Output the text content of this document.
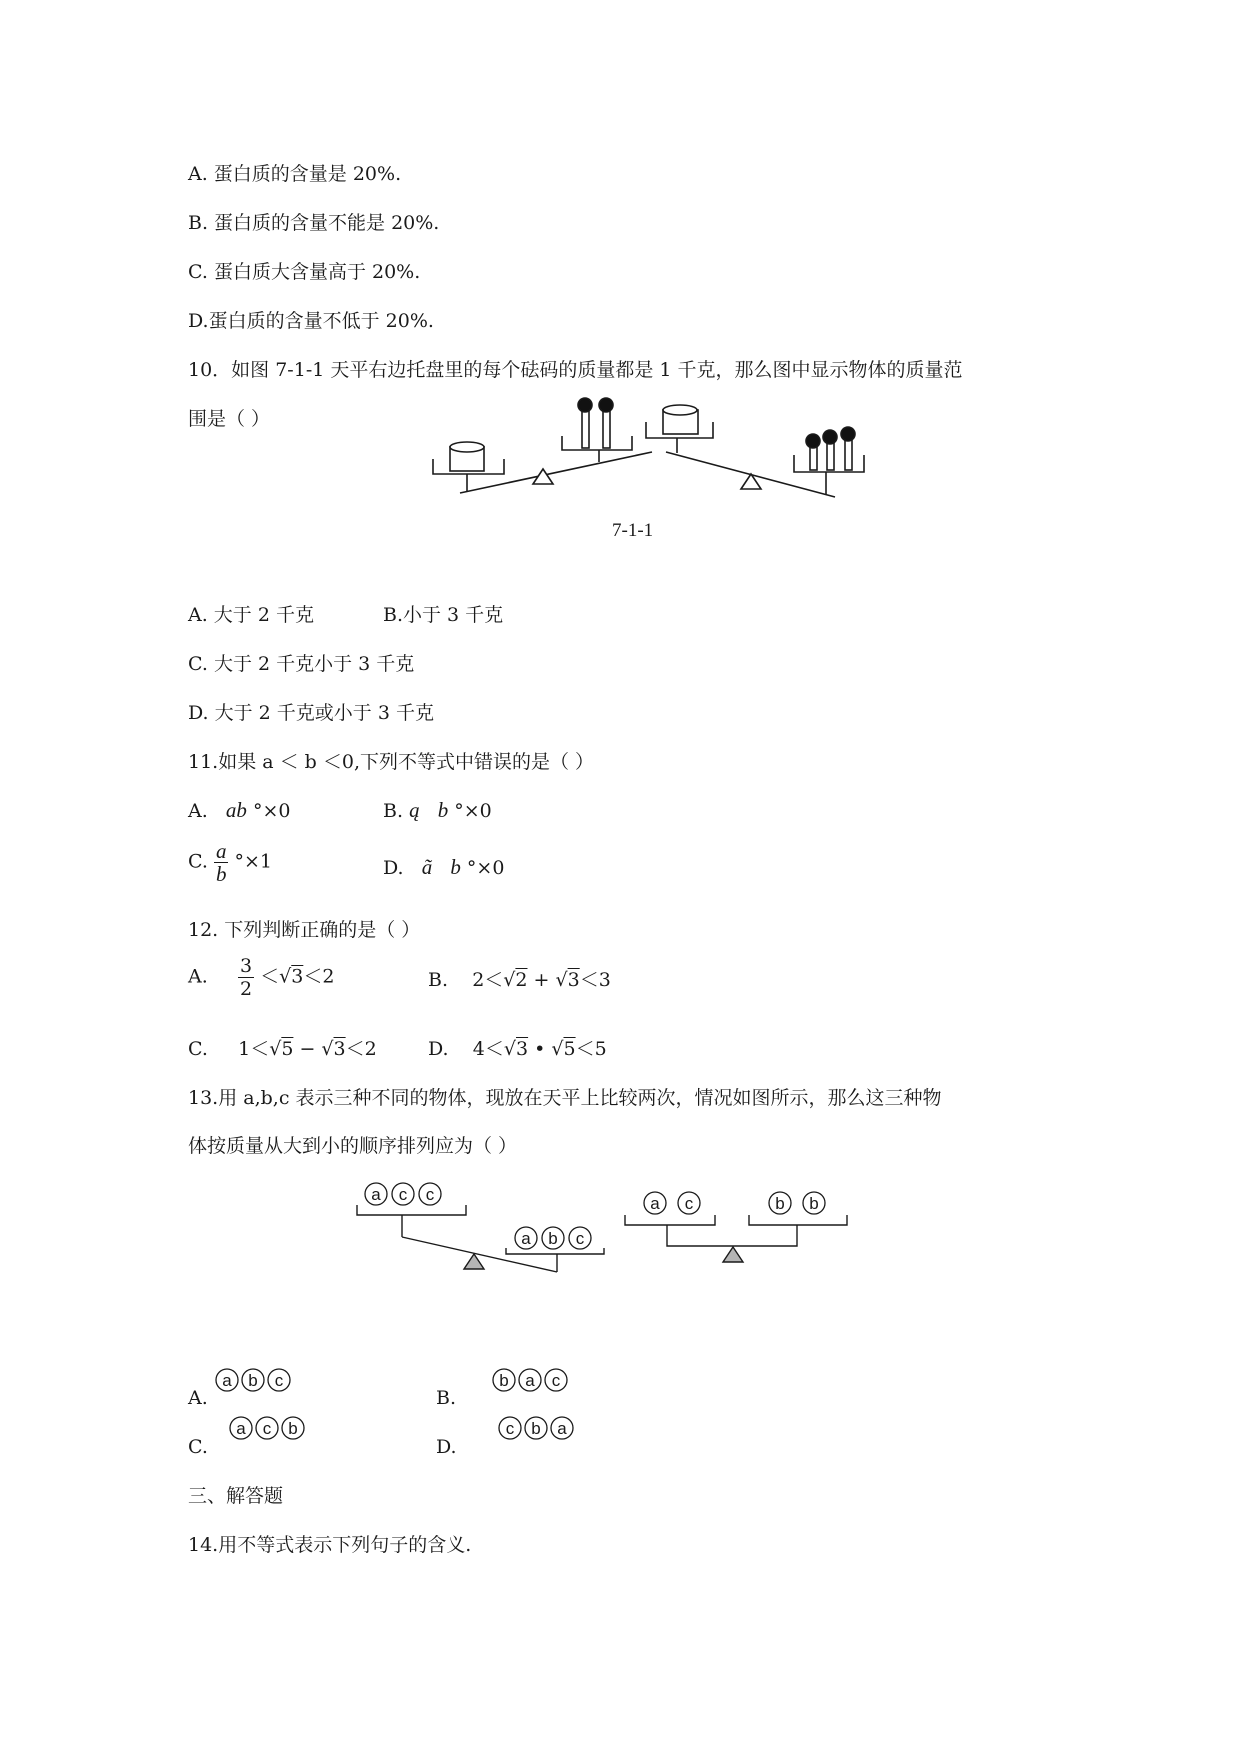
A. 蛋白质的含量是 20%.
B. 蛋白质的含量不能是 20%.
C. 蛋白质大含量高于 20%.
D.蛋白质的含量不低于 20%.
10．如图 7-1-1 天平右边托盘里的每个砝码的质量都是 1 千克，那么图中显示物体的质量范
围是（ ）
7-1-1
A. 大于 2 千克	B.小于 3 千克
C. 大于 2 千克小于 3 千克
D. 大于 2 千克或小于 3 千克
11.如果 a ＜ b ＜0,下列不等式中错误的是（ ）
A. ab °×0	B. ą b °×0
C. $\frac{a}{b} ^\circ\times 1$	D. ã b °×0
12. 下列判断正确的是（ ）
A. $\frac{3}{2} <√3<2$	B. 2＜√2 + √3＜3
C. 1＜√5 − √3＜2	D. 4＜√3 • √5＜5
13.用 a,b,c 表示三种不同的物体，现放在天平上比较两次，情况如图所示，那么这三种物
体按质量从大到小的顺序排列应为（ ）
a c c
a b c
a c	b b
A.	B.
C.	D.
a b c	b a c
a c b	c b a
三、解答题
14.用不等式表示下列句子的含义.
